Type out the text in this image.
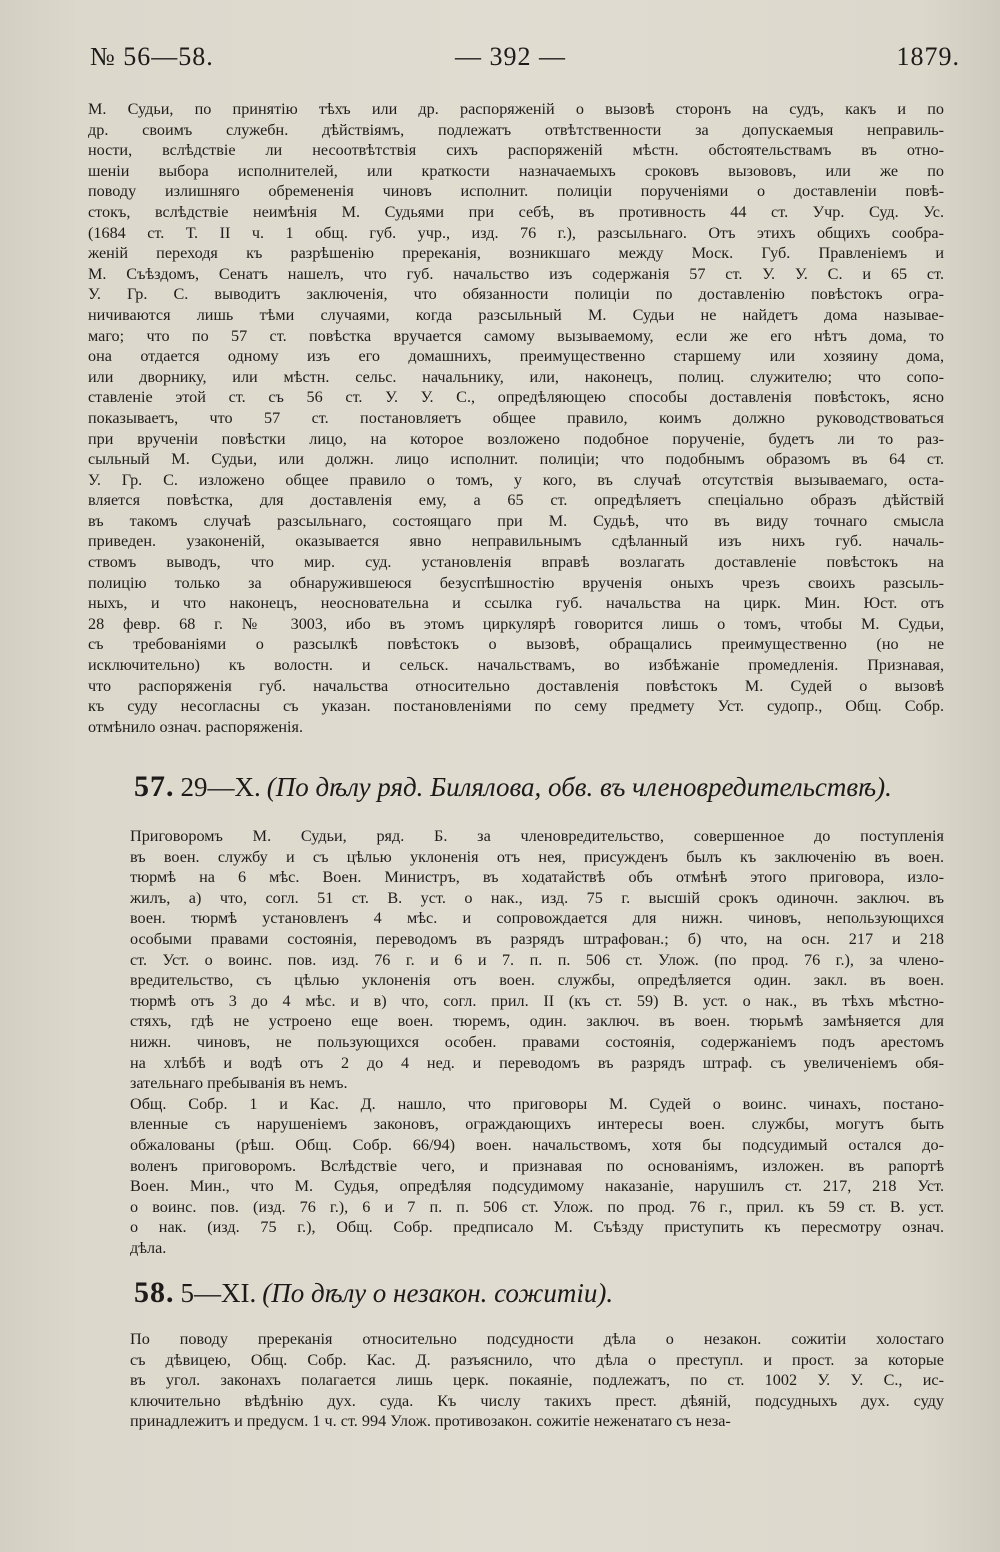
№ 56—58.	— 392 —	1879.

М. Судьи, по принятію тѣхъ или др. распоряженій о вызовѣ сторонъ на судъ, какъ и по
др. своимъ служебн. дѣйствіямъ, подлежатъ отвѣтственности за допускаемыя неправиль-
ности, вслѣдствіе ли несоотвѣтствія сихъ распоряженій мѣстн. обстоятельствамъ въ отно-
шеніи выбора исполнителей, или краткости назначаемыхъ сроковъ вызововъ, или же по
поводу излишняго обремененія чиновъ исполнит. полиціи порученіями о доставленіи повѣ-
стокъ, вслѣдствіе неимѣнія М. Судьями при себѣ, въ противность 44 ст. Учр. Суд. Ус.
(1684 ст. Т. II ч. 1 общ. губ. учр., изд. 76 г.), разсыльнаго. Отъ этихъ общихъ сообра-
женій переходя къ разрѣшенію пререканія, возникшаго между Моск. Губ. Правленіемъ и
М. Съѣздомъ, Сенатъ нашелъ, что губ. начальство изъ содержанія 57 ст. У. У. С. и 65 ст.
У. Гр. С. выводитъ заключенія, что обязанности полиціи по доставленію повѣстокъ огра-
ничиваются лишь тѣми случаями, когда разсыльный М. Судьи не найдетъ дома называе-
маго; что по 57 ст. повѣстка вручается самому вызываемому, если же его нѣтъ дома, то
она отдается одному изъ его домашнихъ, преимущественно старшему или хозяину дома,
или дворнику, или мѣстн. сельс. начальнику, или, наконецъ, полиц. служителю; что сопо-
ставленіе этой ст. съ 56 ст. У. У. С., опредѣляющею способы доставленія повѣстокъ, ясно
показываетъ, что 57 ст. постановляетъ общее правило, коимъ должно руководствоваться
при врученіи повѣстки лицо, на которое возложено подобное порученіе, будетъ ли то раз-
сыльный М. Судьи, или должн. лицо исполнит. полиціи; что подобнымъ образомъ въ 64 ст.
У. Гр. С. изложено общее правило о томъ, у кого, въ случаѣ отсутствія вызываемаго, оста-
вляется повѣстка, для доставленія ему, а 65 ст. опредѣляетъ спеціально образъ дѣйствій
въ такомъ случаѣ разсыльнаго, состоящаго при М. Судьѣ, что въ виду точнаго смысла
приведен. узаконеній, оказывается явно неправильнымъ сдѣланный изъ нихъ губ. началь-
ствомъ выводъ, что мир. суд. установленія вправѣ возлагать доставленіе повѣстокъ на
полицію только за обнаружившеюся безуспѣшностію врученія оныхъ чрезъ своихъ разсыль-
ныхъ, и что наконецъ, неосновательна и ссылка губ. начальства на цирк. Мин. Юст. отъ
28 февр. 68 г. № 3003, ибо въ этомъ циркулярѣ говорится лишь о томъ, чтобы М. Судьи,
съ требованіями о разсылкѣ повѣстокъ о вызовѣ, обращались преимущественно (но не
исключительно) къ волостн. и сельск. начальствамъ, во избѣжаніе промедленія. Признавая,
что распоряженія губ. начальства относительно доставленія повѣстокъ М. Судей о вызовѣ
къ суду несогласны съ указан. постановленіями по сему предмету Уст. судопр., Общ. Собр.
отмѣнило означ. распоряженія.

57. 29—X. (По дѣлу ряд. Билялова, обв. въ членовредительствѣ).

Приговоромъ М. Судьи, ряд. Б. за членовредительство, совершенное до поступленія
въ воен. службу и съ цѣлью уклоненія отъ нея, присужденъ былъ къ заключенію въ воен.
тюрмѣ на 6 мѣс. Воен. Министръ, въ ходатайствѣ объ отмѣнѣ этого приговора, изло-
жилъ, а) что, согл. 51 ст. В. уст. о нак., изд. 75 г. высшій срокъ одиночн. заключ. въ
воен. тюрмѣ установленъ 4 мѣс. и сопровождается для нижн. чиновъ, непользующихся
особыми правами состоянія, переводомъ въ разрядъ штрафован.; б) что, на осн. 217 и 218
ст. Уст. о воинс. пов. изд. 76 г. и 6 и 7. п. п. 506 ст. Улож. (по прод. 76 г.), за члено-
вредительство, съ цѣлью уклоненія отъ воен. службы, опредѣляется один. закл. въ воен.
тюрмѣ отъ 3 до 4 мѣс. и в) что, согл. прил. II (къ ст. 59) В. уст. о нак., въ тѣхъ мѣстно-
стяхъ, гдѣ не устроено еще воен. тюремъ, один. заключ. въ воен. тюрьмѣ замѣняется для
нижн. чиновъ, не пользующихся особен. правами состоянія, содержаніемъ подъ арестомъ
на хлѣбѣ и водѣ отъ 2 до 4 нед. и переводомъ въ разрядъ штраф. съ увеличеніемъ обя-
зательнаго пребыванія въ немъ.

Общ. Собр. 1 и Кас. Д. нашло, что приговоры М. Судей о воинс. чинахъ, постано-
вленные съ нарушеніемъ законовъ, ограждающихъ интересы воен. службы, могутъ быть
обжалованы (рѣш. Общ. Собр. 66/94) воен. начальствомъ, хотя бы подсудимый остался до-
воленъ приговоромъ. Вслѣдствіе чего, и признавая по основаніямъ, изложен. въ рапортѣ
Воен. Мин., что М. Судья, опредѣляя подсудимому наказаніе, нарушилъ ст. 217, 218 Уст.
о воинс. пов. (изд. 76 г.), 6 и 7 п. п. 506 ст. Улож. по прод. 76 г., прил. къ 59 ст. В. уст.
о нак. (изд. 75 г.), Общ. Собр. предписало М. Съѣзду приступить къ пересмотру означ.
дѣла.

58. 5—XI. (По дѣлу о незакон. сожитіи).

По поводу пререканія относительно подсудности дѣла о незакон. сожитіи холостаго
съ дѣвицею, Общ. Собр. Кас. Д. разъяснило, что дѣла о преступл. и прост. за которые
въ угол. законахъ полагается лишь церк. покаяніе, подлежатъ, по ст. 1002 У. У. С., ис-
ключительно вѣдѣнію дух. суда. Къ числу такихъ прест. дѣяній, подсудныхъ дух. суду
принадлежитъ и предусм. 1 ч. ст. 994 Улож. противозакон. сожитіе неженатаго съ неза-
